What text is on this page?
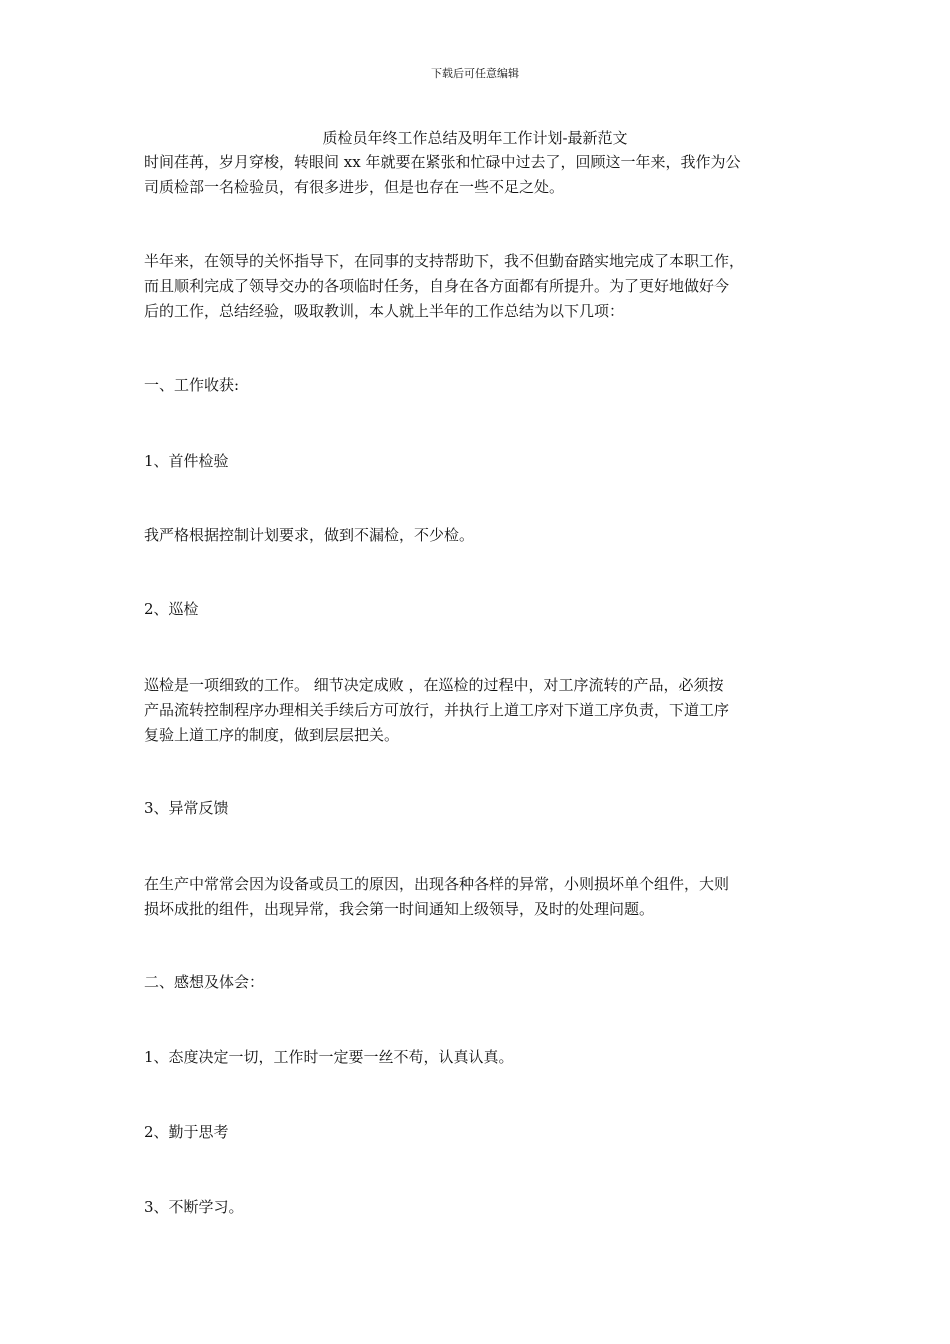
下载后可任意编辑
质检员年终工作总结及明年工作计划-最新范文
时间荏苒，岁月穿梭，转眼间 xx 年就要在紧张和忙碌中过去了，回顾这一年来，我作为公
司质检部一名检验员，有很多进步，但是也存在一些不足之处。
半年来，在领导的关怀指导下，在同事的支持帮助下，我不但勤奋踏实地完成了本职工作，
而且顺利完成了领导交办的各项临时任务，自身在各方面都有所提升。为了更好地做好今
后的工作，总结经验，吸取教训，本人就上半年的工作总结为以下几项：
一、工作收获:
1、首件检验
我严格根据控制计划要求，做到不漏检，不少检。
2、巡检
巡检是一项细致的工作。 细节决定成败 ，在巡检的过程中，对工序流转的产品，必须按
产品流转控制程序办理相关手续后方可放行，并执行上道工序对下道工序负责，下道工序
复验上道工序的制度，做到层层把关。
3、异常反馈
在生产中常常会因为设备或员工的原因，出现各种各样的异常，小则损坏单个组件，大则
损坏成批的组件，出现异常，我会第一时间通知上级领导，及时的处理问题。
二、感想及体会：
1、态度决定一切，工作时一定要一丝不苟，认真认真。
2、勤于思考
3、不断学习。
